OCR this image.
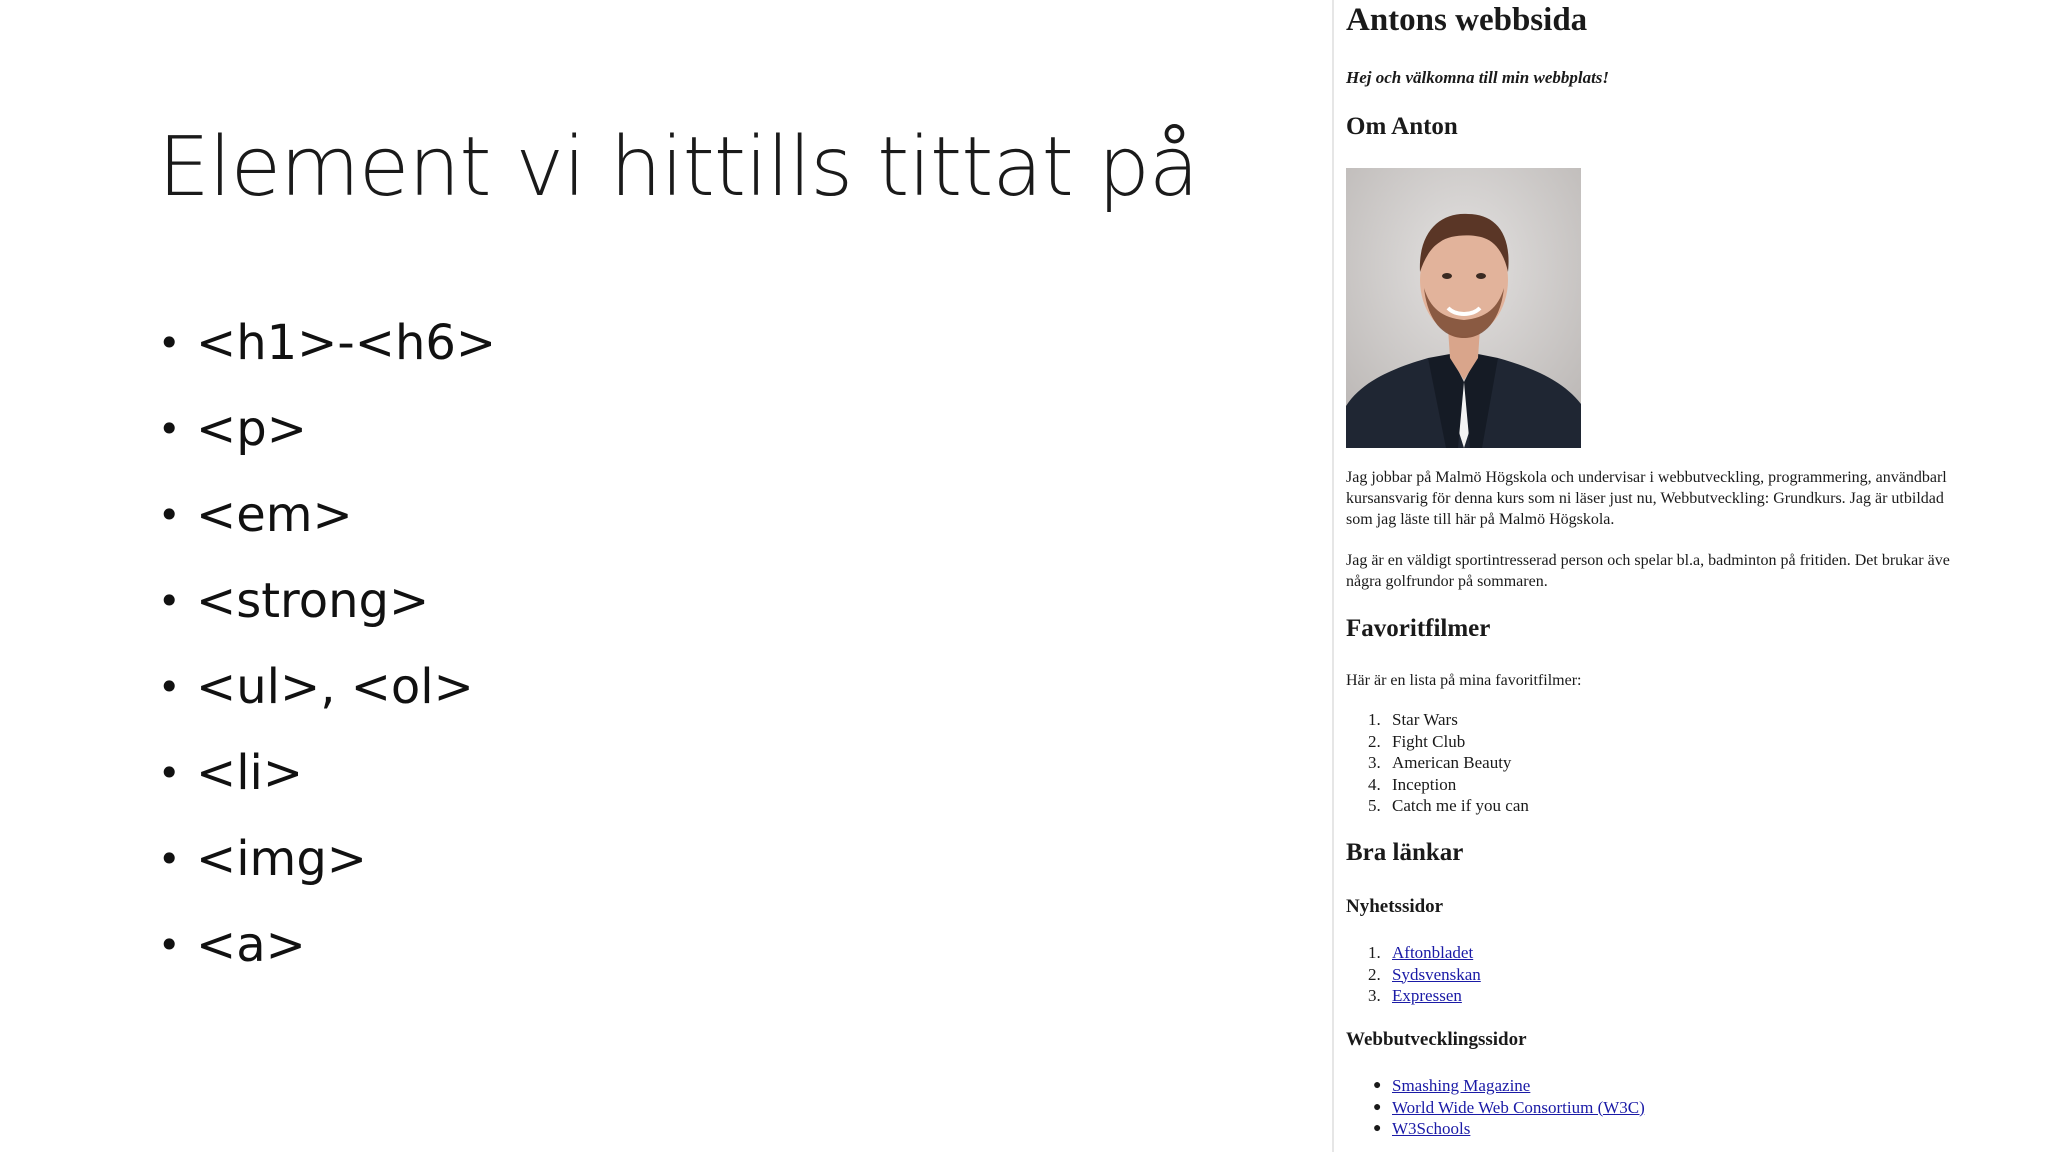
Element vi hittills tittat på
• <h1>-<h6>
• <p>
• <em>
• <strong>
• <ul>, <ol>
• <li>
• <img>
• <a>
Antons webbsida

Hej och välkomna till min webbplats!

Om Anton

Jag jobbar på Malmö Högskola och undervisar i webbutveckling, programmering, användbarl
kursansvarig för denna kurs som ni läser just nu, Webbutveckling: Grundkurs. Jag är utbildad
som jag läste till här på Malmö Högskola.

Jag är en väldigt sportintresserad person och spelar bl.a, badminton på fritiden. Det brukar äve
några golfrundor på sommaren.

Favoritfilmer

Här är en lista på mina favoritfilmer:

1. Star Wars
2. Fight Club
3. American Beauty
4. Inception
5. Catch me if you can
Bra länkar
Nyhetssidor
1. Aftonbladet
2. Sydsvenskan
3. Expressen
Webbutvecklingssidor
● Smashing Magazine
● World Wide Web Consortium (W3C)
● W3Schools
